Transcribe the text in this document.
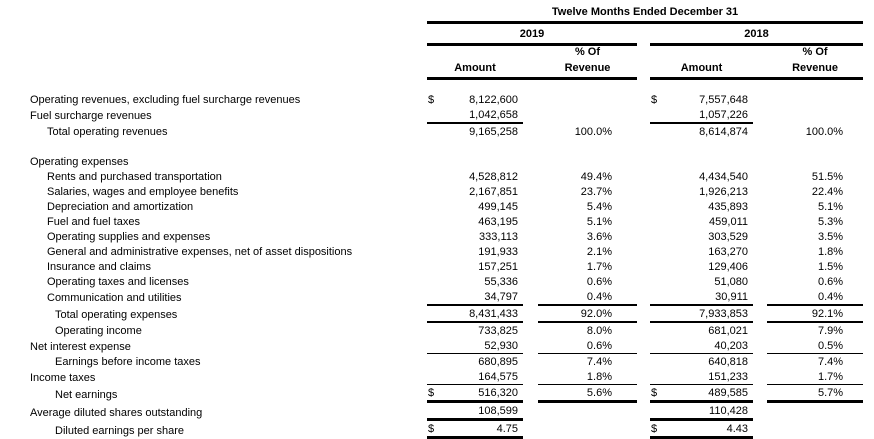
	Twelve Months Ended December 31								
	2019					2018			
				% Of					% Of
	Amount			Revenue		Amount			Revenue

Operating revenues, excluding fuel surcharge revenues	$	8,122,600				$	7,557,648		
Fuel surcharge revenues		1,042,658					1,057,226		
Total operating revenues		9,165,258		100.0%			8,614,874		100.0%

Operating expenses									
Rents and purchased transportation		4,528,812		49.4%			4,434,540		51.5%
Salaries, wages and employee benefits		2,167,851		23.7%			1,926,213		22.4%
Depreciation and amortization		499,145		5.4%			435,893		5.1%
Fuel and fuel taxes		463,195		5.1%			459,011		5.3%
Operating supplies and expenses		333,113		3.6%			303,529		3.5%
General and administrative expenses, net of asset dispositions		191,933		2.1%			163,270		1.8%
Insurance and claims		157,251		1.7%			129,406		1.5%
Operating taxes and licenses		55,336		0.6%			51,080		0.6%
Communication and utilities		34,797		0.4%			30,911		0.4%
Total operating expenses		8,431,433		92.0%			7,933,853		92.1%
Operating income		733,825		8.0%			681,021		7.9%
Net interest expense		52,930		0.6%			40,203		0.5%
Earnings before income taxes		680,895		7.4%			640,818		7.4%
Income taxes		164,575		1.8%			151,233		1.7%
Net earnings	$	516,320		5.6%		$	489,585		5.7%
Average diluted shares outstanding		108,599					110,428		
Diluted earnings per share	$	4.75				$	4.43		
